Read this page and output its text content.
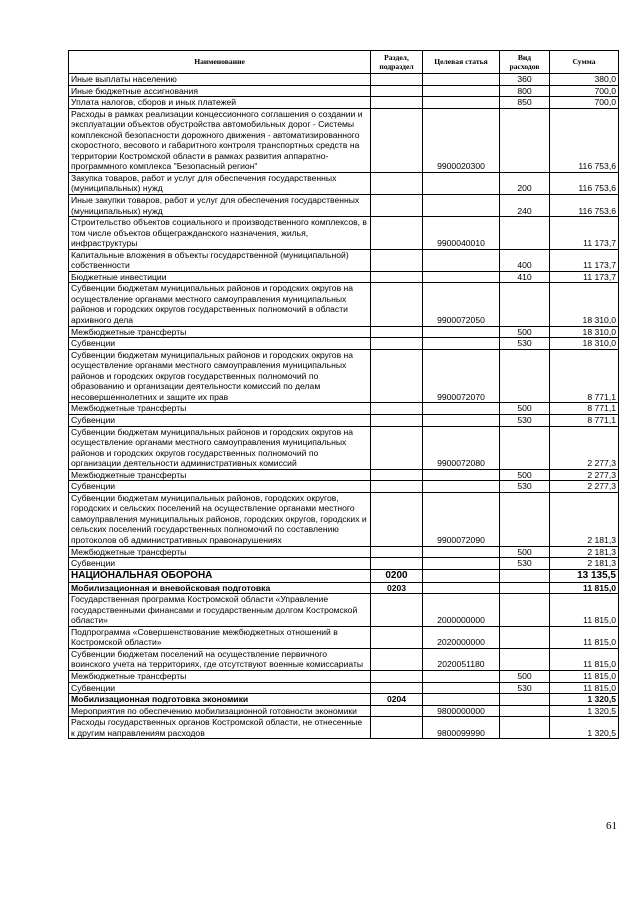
Наименование	Раздел, подраздел	Целевая статья	Вид расходов	Сумма
Иные выплаты населению			360	380,0
Иные бюджетные ассигнования			800	700,0
Уплата налогов, сборов и иных платежей			850	700,0
Расходы в рамках реализации концессионного соглашения о создании и эксплуатации объектов обустройства автомобильных дорог - Системы комплексной безопасности дорожного движения - автоматизированного скоростного, весового и габаритного контроля транспортных средств на территории Костромской области в рамках развития аппаратно-программного комплекса "Безопасный регион"		9900020300		116 753,6
Закупка товаров, работ и услуг для обеспечения государственных (муниципальных) нужд			200	116 753,6
Иные закупки товаров, работ и услуг для обеспечения государственных (муниципальных) нужд			240	116 753,6
Строительство объектов социального и производственного комплексов, в том числе объектов общегражданского назначения, жилья, инфраструктуры		9900040010		11 173,7
Капитальные вложения в объекты государственной (муниципальной) собственности			400	11 173,7
Бюджетные инвестиции			410	11 173,7
Субвенции бюджетам муниципальных районов и городских округов на осуществление органами местного самоуправления муниципальных районов и городских округов государственных полномочий в области архивного дела		9900072050		18 310,0
Межбюджетные трансферты			500	18 310,0
Субвенции			530	18 310,0
Субвенции бюджетам муниципальных районов и городских округов на осуществление органами местного самоуправления муниципальных районов и городских округов государственных полномочий по образованию и организации деятельности комиссий по делам несовершеннолетних и защите их прав		9900072070		8 771,1
Межбюджетные трансферты			500	8 771,1
Субвенции			530	8 771,1
Субвенции бюджетам муниципальных районов и городских округов на осуществление органами местного самоуправления муниципальных районов и городских округов государственных полномочий по организации деятельности административных комиссий		9900072080		2 277,3
Межбюджетные трансферты			500	2 277,3
Субвенции			530	2 277,3
Субвенции бюджетам муниципальных районов, городских округов, городских и сельских поселений на осуществление органами местного самоуправления муниципальных районов, городских округов, городских и сельских поселений государственных полномочий по составлению протоколов об административных правонарушениях		9900072090		2 181,3
Межбюджетные трансферты			500	2 181,3
Субвенции			530	2 181,3
НАЦИОНАЛЬНАЯ ОБОРОНА	0200			13 135,5
Мобилизационная и вневойсковая подготовка	0203			11 815,0
Государственная программа Костромской области «Управление государственными финансами и государственным долгом Костромской области»		2000000000		11 815,0
Подпрограмма «Совершенствование межбюджетных отношений в Костромской области»		2020000000		11 815,0
Субвенции бюджетам поселений на осуществление первичного воинского учета на территориях, где отсутствуют военные комиссариаты		2020051180		11 815,0
Межбюджетные трансферты			500	11 815,0
Субвенции			530	11 815,0
Мобилизационная подготовка экономики	0204			1 320,5
Мероприятия по обеспечению мобилизационной готовности экономики		9800000000		1 320,5
Расходы государственных органов Костромской области, не отнесенные к другим направлениям расходов		9800099990		1 320,5
61
